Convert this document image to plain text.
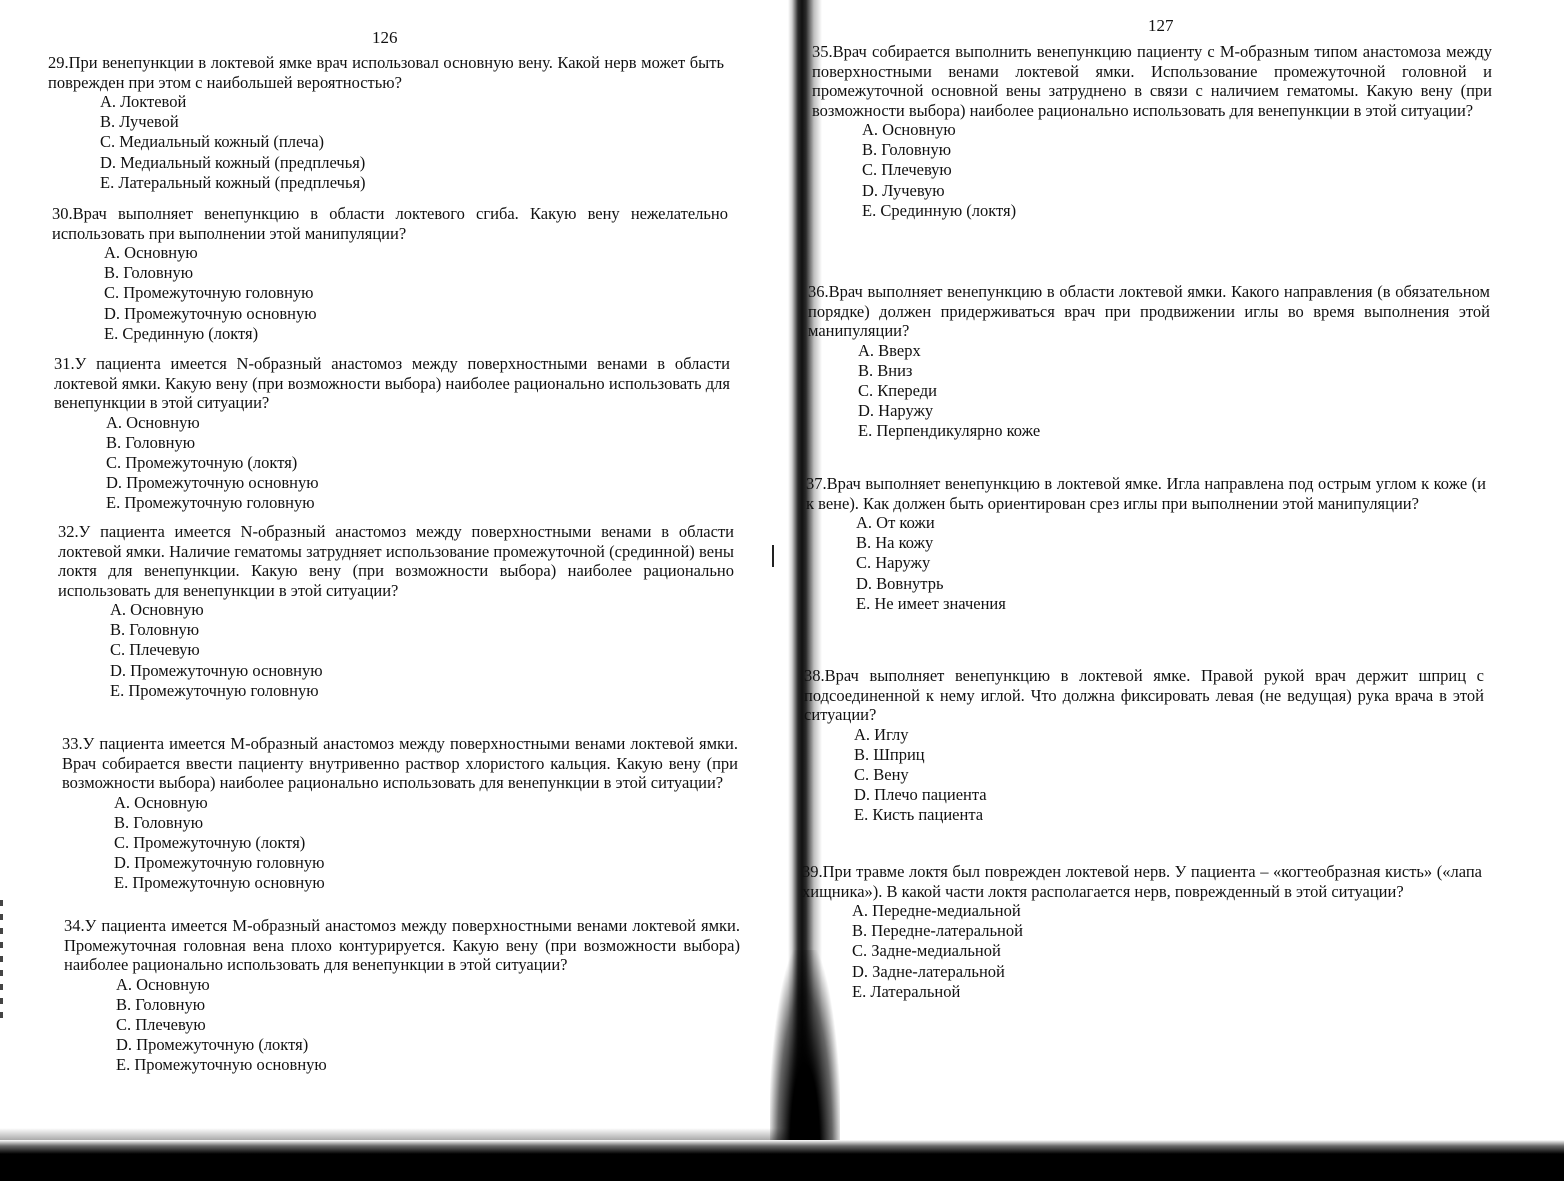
126
29.При венепункции в локтевой ямке врач использовал основную вену. Какой нерв может быть поврежден при этом с наибольшей вероятностью?
A. Локтевой
B. Лучевой
C. Медиальный кожный (плеча)
D. Медиальный кожный (предплечья)
E. Латеральный кожный (предплечья)
30.Врач выполняет венепункцию в области локтевого сгиба. Какую вену нежелательно использовать при выполнении этой манипуляции?
A. Основную
B. Головную
C. Промежуточную головную
D. Промежуточную основную
E. Срединную (локтя)
31.У пациента имеется N-образный анастомоз между поверхностными венами в области локтевой ямки. Какую вену (при возможности выбора) наиболее рационально использовать для венепункции в этой ситуации?
A. Основную
B. Головную
C. Промежуточную (локтя)
D. Промежуточную основную
E. Промежуточную головную
32.У пациента имеется N-образный анастомоз между поверхностными венами в области локтевой ямки. Наличие гематомы затрудняет использование промежуточной (срединной) вены локтя для венепункции. Какую вену (при возможности выбора) наиболее рационально использовать для венепункции в этой ситуации?
A. Основную
B. Головную
C. Плечевую
D. Промежуточную основную
E. Промежуточную головную
33.У пациента имеется M-образный анастомоз между поверхностными венами локтевой ямки. Врач собирается ввести пациенту внутривенно раствор хлористого кальция. Какую вену (при возможности выбора) наиболее рационально использовать для венепункции в этой ситуации?
A. Основную
B. Головную
C. Промежуточную (локтя)
D. Промежуточную головную
E. Промежуточную основную
34.У пациента имеется M-образный анастомоз между поверхностными венами локтевой ямки. Промежуточная головная вена плохо контурируется. Какую вену (при возможности выбора) наиболее рационально использовать для венепункции в этой ситуации?
A. Основную
B. Головную
C. Плечевую
D. Промежуточную (локтя)
E. Промежуточную основную
127
35.Врач собирается выполнить венепункцию пациенту с M-образным типом анастомоза между поверхностными венами локтевой ямки. Использование промежуточной головной и промежуточной основной вены затруднено в связи с наличием гематомы. Какую вену (при возможности выбора) наиболее рационально использовать для венепункции в этой ситуации?
A. Основную
B. Головную
C. Плечевую
D. Лучевую
E. Срединную (локтя)
36.Врач выполняет венепункцию в области локтевой ямки. Какого направления (в обязательном порядке) должен придерживаться врач при продвижении иглы во время выполнения этой манипуляции?
A. Вверх
B. Вниз
C. Кпереди
D. Наружу
E. Перпендикулярно коже
37.Врач выполняет венепункцию в локтевой ямке. Игла направлена под острым углом к коже (и к вене). Как должен быть ориентирован срез иглы при выполнении этой манипуляции?
A. От кожи
B. На кожу
C. Наружу
D. Вовнутрь
E. Не имеет значения
38.Врач выполняет венепункцию в локтевой ямке. Правой рукой врач держит шприц с подсоединенной к нему иглой. Что должна фиксировать левая (не ведущая) рука врача в этой ситуации?
A. Иглу
B. Шприц
C. Вену
D. Плечо пациента
E. Кисть пациента
39.При травме локтя был поврежден локтевой нерв. У пациента – «когтеобразная кисть» («лапа хищника»). В какой части локтя располагается нерв, поврежденный в этой ситуации?
A. Передне-медиальной
B. Передне-латеральной
C. Задне-медиальной
D. Задне-латеральной
E. Латеральной
